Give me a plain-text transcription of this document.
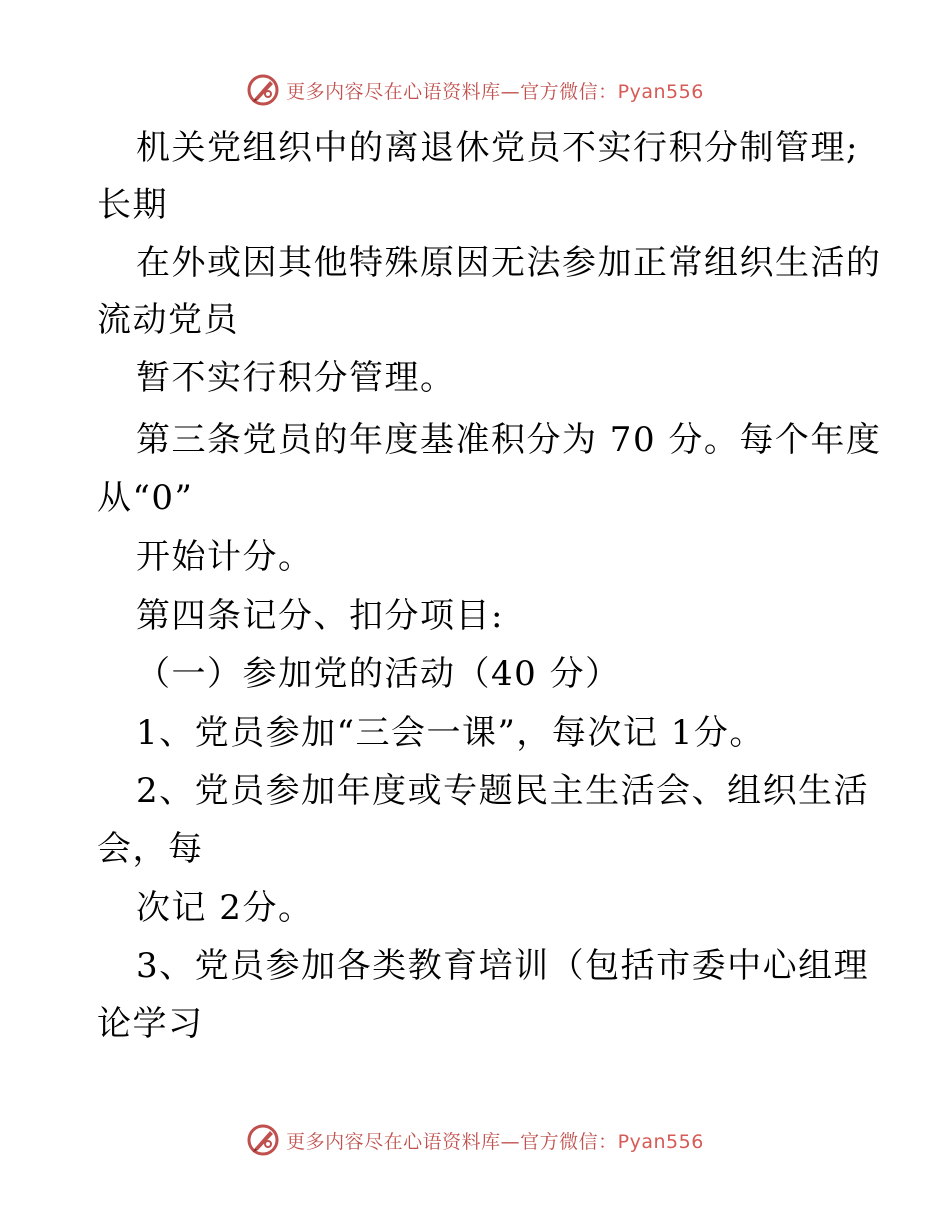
更多内容尽在心语资料库—官方微信：Pyan556
机关党组织中的离退休党员不实行积分制管理;
长期
在外或因其他特殊原因无法参加正常组织生活的
流动党员
暂不实行积分管理。
第三条党员的年度基准积分为 70 分。每个年度
从“0”
开始计分。
第四条记分、扣分项目:
（一）参加党的活动（40 分）
1、党员参加“三会一课”，每次记 1分。
2、党员参加年度或专题民主生活会、组织生活
会，每
次记 2分。
3、党员参加各类教育培训（包括市委中心组理
论学习
更多内容尽在心语资料库—官方微信：Pyan556
